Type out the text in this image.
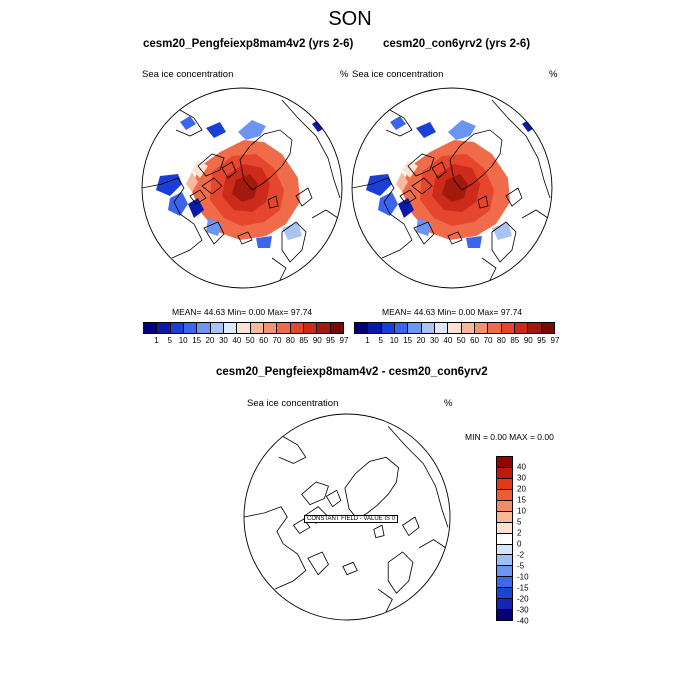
SON
cesm20_Pengfeiexp8mam4v2 (yrs 2-6)
Sea ice concentration	%
MEAN= 44.63 Min= 0.00 Max= 97.74
1 5 10 15 20 30 40 50 60 70 80 85 90 95 97
cesm20_con6yrv2 (yrs 2-6)
Sea ice concentration	%
MEAN= 44.63 Min= 0.00 Max= 97.74
1 5 10 15 20 30 40 50 60 70 80 85 90 95 97
cesm20_Pengfeiexp8mam4v2 - cesm20_con6yrv2
Sea ice concentration	%
MIN = 0.00 MAX = 0.00
CONSTANT FIELD - VALUE IS 0
40
30
20
15
10
5
2
0
-2
-5
-10
-15
-20
-30
-40
